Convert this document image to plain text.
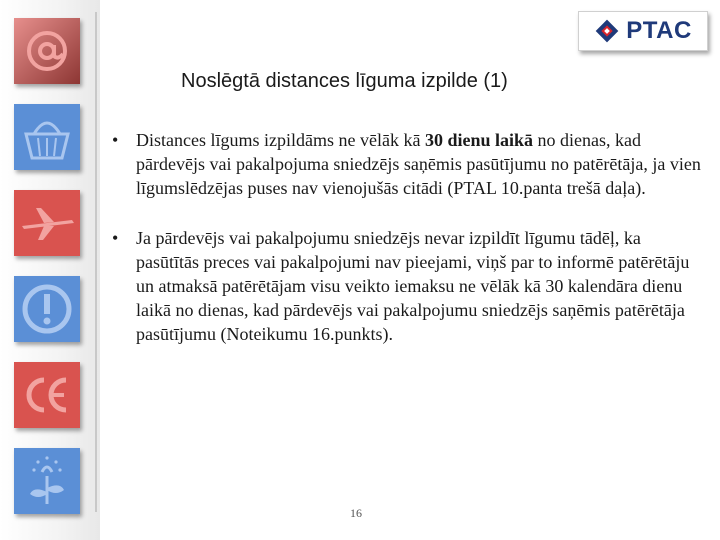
PTAC
Noslēgtā distances līguma izpilde (1)
• Distances līgums izpildāms ne vēlāk kā 30 dienu laikā no dienas, kad pārdevējs vai pakalpojuma sniedzējs saņēmis pasūtījumu no patērētāja, ja vien līgumslēdzējas puses nav vienojušās citādi (PTAL 10.panta trešā daļa).
• Ja pārdevējs vai pakalpojumu sniedzējs nevar izpildīt līgumu tādēļ, ka pasūtītās preces vai pakalpojumi nav pieejami, viņš par to informē patērētāju un atmaksā patērētājam visu veikto iemaksu ne vēlāk kā 30 kalendāra dienu laikā no dienas, kad pārdevējs vai pakalpojumu sniedzējs saņēmis patērētāja pasūtījumu (Noteikumu 16.punkts).
16
